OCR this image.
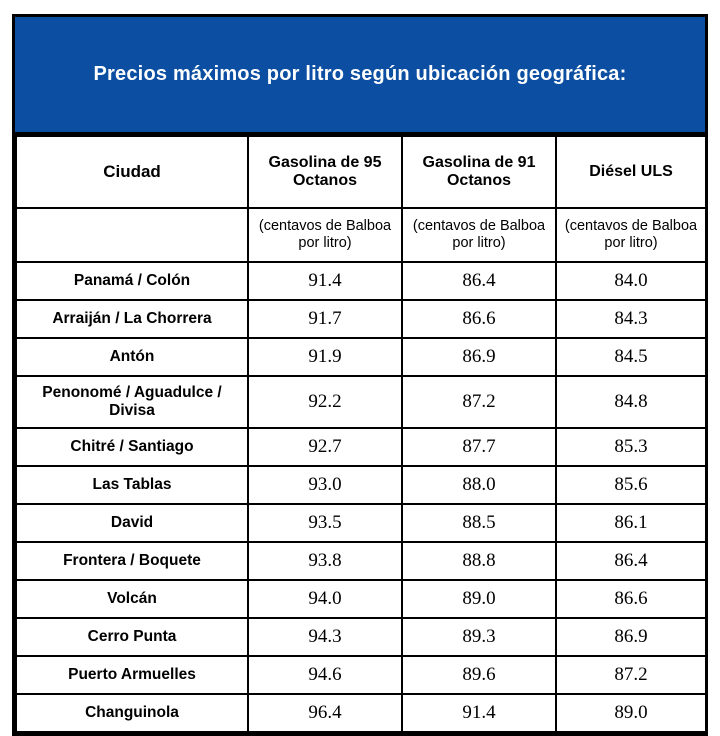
Precios máximos por litro según ubicación geográfica:
Ciudad	Gasolina de 95 Octanos	Gasolina de 91 Octanos	Diésel ULS
	(centavos de Balboa por litro)	(centavos de Balboa por litro)	(centavos de Balboa por litro)
Panamá / Colón	91.4	86.4	84.0
Arraiján / La Chorrera	91.7	86.6	84.3
Antón	91.9	86.9	84.5
Penonomé / Aguadulce / Divisa	92.2	87.2	84.8
Chitré / Santiago	92.7	87.7	85.3
Las Tablas	93.0	88.0	85.6
David	93.5	88.5	86.1
Frontera / Boquete	93.8	88.8	86.4
Volcán	94.0	89.0	86.6
Cerro Punta	94.3	89.3	86.9
Puerto Armuelles	94.6	89.6	87.2
Changuinola	96.4	91.4	89.0
